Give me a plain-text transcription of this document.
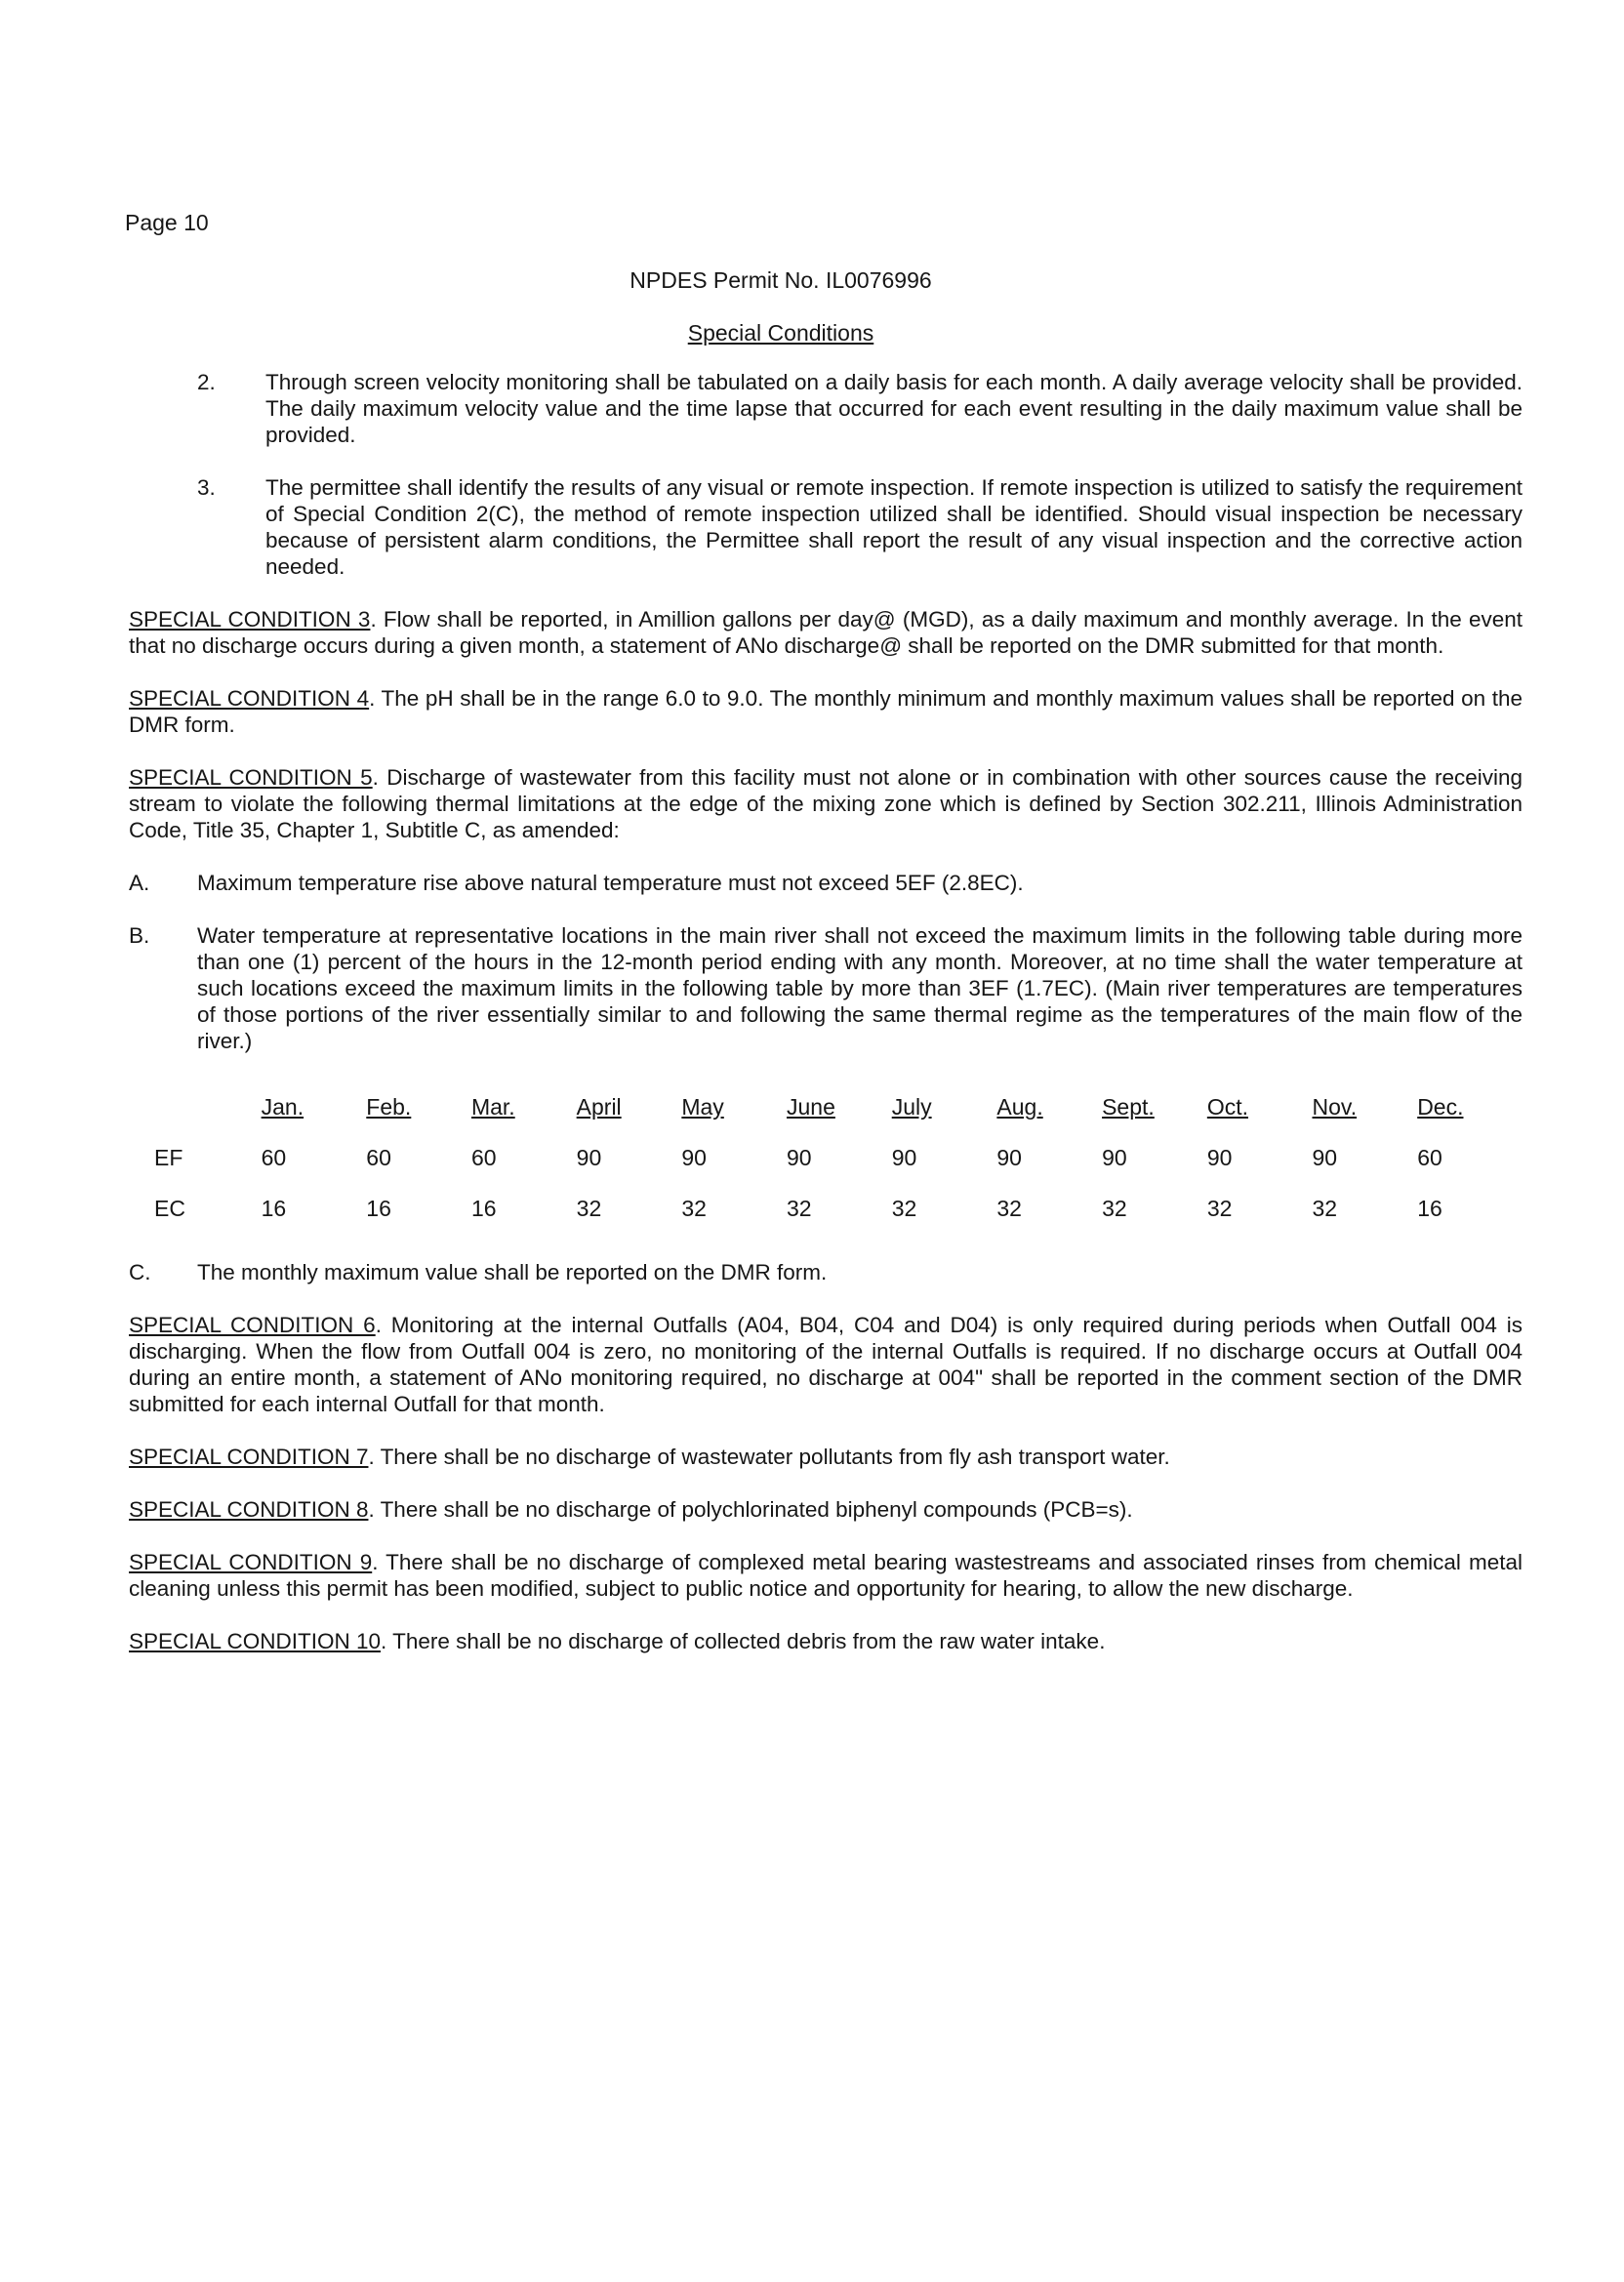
Page 10
NPDES Permit No. IL0076996
Special Conditions
2.	Through screen velocity monitoring shall be tabulated on a daily basis for each month. A daily average velocity shall be provided. The daily maximum velocity value and the time lapse that occurred for each event resulting in the daily maximum value shall be provided.
3.	The permittee shall identify the results of any visual or remote inspection. If remote inspection is utilized to satisfy the requirement of Special Condition 2(C), the method of remote inspection utilized shall be identified. Should visual inspection be necessary because of persistent alarm conditions, the Permittee shall report the result of any visual inspection and the corrective action needed.

SPECIAL CONDITION 3. Flow shall be reported, in Amillion gallons per day@ (MGD), as a daily maximum and monthly average. In the event that no discharge occurs during a given month, a statement of ANo discharge@ shall be reported on the DMR submitted for that month.

SPECIAL CONDITION 4. The pH shall be in the range 6.0 to 9.0. The monthly minimum and monthly maximum values shall be reported on the DMR form.

SPECIAL CONDITION 5. Discharge of wastewater from this facility must not alone or in combination with other sources cause the receiving stream to violate the following thermal limitations at the edge of the mixing zone which is defined by Section 302.211, Illinois Administration Code, Title 35, Chapter 1, Subtitle C, as amended:

A.	Maximum temperature rise above natural temperature must not exceed 5EF (2.8EC).
B.	Water temperature at representative locations in the main river shall not exceed the maximum limits in the following table during more than one (1) percent of the hours in the 12-month period ending with any month. Moreover, at no time shall the water temperature at such locations exceed the maximum limits in the following table by more than 3EF (1.7EC). (Main river temperatures are temperatures of those portions of the river essentially similar to and following the same thermal regime as the temperatures of the main flow of the river.)
	Jan.	Feb.	Mar.	April	May	June	July	Aug.	Sept.	Oct.	Nov.	Dec.
EF	60	60	60	90	90	90	90	90	90	90	90	60
EC	16	16	16	32	32	32	32	32	32	32	32	16
C.	The monthly maximum value shall be reported on the DMR form.

SPECIAL CONDITION 6. Monitoring at the internal Outfalls (A04, B04, C04 and D04) is only required during periods when Outfall 004 is discharging. When the flow from Outfall 004 is zero, no monitoring of the internal Outfalls is required. If no discharge occurs at Outfall 004 during an entire month, a statement of ANo monitoring required, no discharge at 004" shall be reported in the comment section of the DMR submitted for each internal Outfall for that month.

SPECIAL CONDITION 7. There shall be no discharge of wastewater pollutants from fly ash transport water.

SPECIAL CONDITION 8. There shall be no discharge of polychlorinated biphenyl compounds (PCB=s).

SPECIAL CONDITION 9. There shall be no discharge of complexed metal bearing wastestreams and associated rinses from chemical metal cleaning unless this permit has been modified, subject to public notice and opportunity for hearing, to allow the new discharge.

SPECIAL CONDITION 10. There shall be no discharge of collected debris from the raw water intake.
